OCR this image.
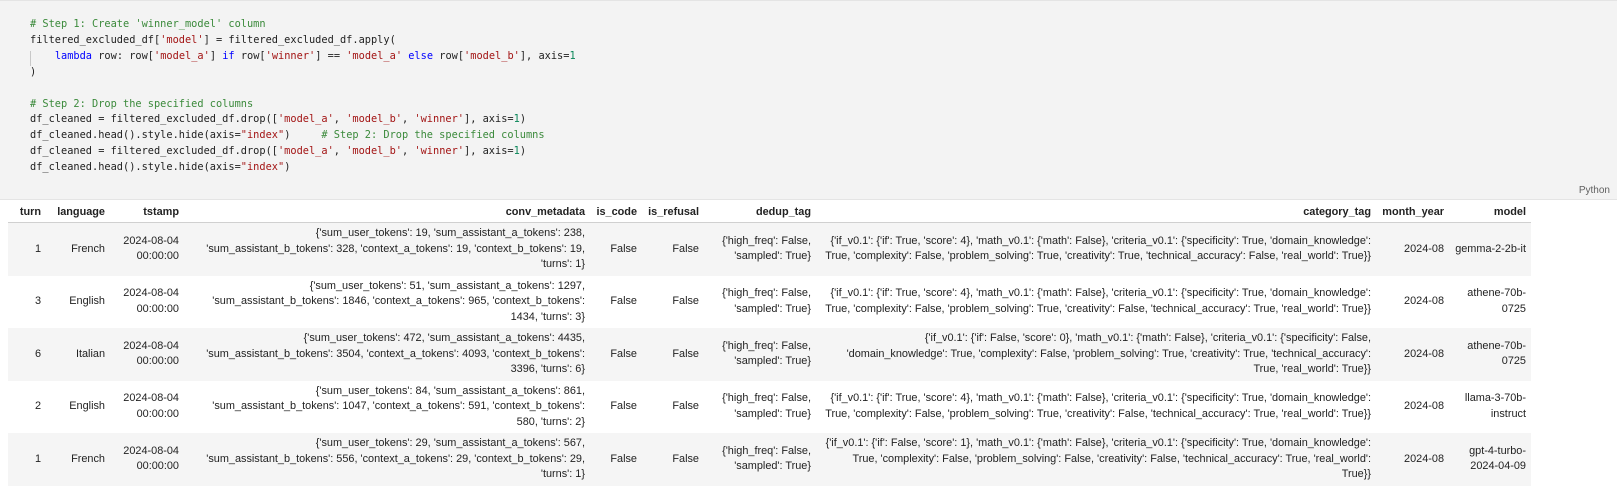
# Step 1: Create 'winner_model' column
filtered_excluded_df['model'] = filtered_excluded_df.apply(
lambda row: row['model_a'] if row['winner'] == 'model_a' else row['model_b'], axis=1
)

# Step 2: Drop the specified columns
df_cleaned = filtered_excluded_df.drop(['model_a', 'model_b', 'winner'], axis=1)
df_cleaned.head().style.hide(axis="index")     # Step 2: Drop the specified columns
df_cleaned = filtered_excluded_df.drop(['model_a', 'model_b', 'winner'], axis=1)
df_cleaned.head().style.hide(axis="index")
Python
turn	language	tstamp	conv_metadata	is_code	is_refusal	dedup_tag	category_tag	month_year	model
1	French	2024-08-04 00:00:00	{'sum_user_tokens': 19, 'sum_assistant_a_tokens': 238, 'sum_assistant_b_tokens': 328, 'context_a_tokens': 19, 'context_b_tokens': 19, 'turns': 1}	False	False	{'high_freq': False, 'sampled': True}	{'if_v0.1': {'if': True, 'score': 4}, 'math_v0.1': {'math': False}, 'criteria_v0.1': {'specificity': True, 'domain_knowledge': True, 'complexity': False, 'problem_solving': True, 'creativity': True, 'technical_accuracy': False, 'real_world': True}}	2024-08	gemma-2-2b-it
3	English	2024-08-04 00:00:00	{'sum_user_tokens': 51, 'sum_assistant_a_tokens': 1297, 'sum_assistant_b_tokens': 1846, 'context_a_tokens': 965, 'context_b_tokens': 1434, 'turns': 3}	False	False	{'high_freq': False, 'sampled': True}	{'if_v0.1': {'if': True, 'score': 4}, 'math_v0.1': {'math': False}, 'criteria_v0.1': {'specificity': True, 'domain_knowledge': True, 'complexity': False, 'problem_solving': True, 'creativity': False, 'technical_accuracy': True, 'real_world': True}}	2024-08	athene-70b-0725
6	Italian	2024-08-04 00:00:00	{'sum_user_tokens': 472, 'sum_assistant_a_tokens': 4435, 'sum_assistant_b_tokens': 3504, 'context_a_tokens': 4093, 'context_b_tokens': 3396, 'turns': 6}	False	False	{'high_freq': False, 'sampled': True}	{'if_v0.1': {'if': False, 'score': 0}, 'math_v0.1': {'math': False}, 'criteria_v0.1': {'specificity': False, 'domain_knowledge': True, 'complexity': False, 'problem_solving': True, 'creativity': True, 'technical_accuracy': True, 'real_world': True}}	2024-08	athene-70b-0725
2	English	2024-08-04 00:00:00	{'sum_user_tokens': 84, 'sum_assistant_a_tokens': 861, 'sum_assistant_b_tokens': 1047, 'context_a_tokens': 591, 'context_b_tokens': 580, 'turns': 2}	False	False	{'high_freq': False, 'sampled': True}	{'if_v0.1': {'if': True, 'score': 4}, 'math_v0.1': {'math': False}, 'criteria_v0.1': {'specificity': True, 'domain_knowledge': True, 'complexity': False, 'problem_solving': True, 'creativity': False, 'technical_accuracy': True, 'real_world': True}}	2024-08	llama-3-70b-instruct
1	French	2024-08-04 00:00:00	{'sum_user_tokens': 29, 'sum_assistant_a_tokens': 567, 'sum_assistant_b_tokens': 556, 'context_a_tokens': 29, 'context_b_tokens': 29, 'turns': 1}	False	False	{'high_freq': False, 'sampled': True}	{'if_v0.1': {'if': False, 'score': 1}, 'math_v0.1': {'math': False}, 'criteria_v0.1': {'specificity': True, 'domain_knowledge': True, 'complexity': False, 'problem_solving': False, 'creativity': False, 'technical_accuracy': True, 'real_world': True}}	2024-08	gpt-4-turbo-2024-04-09
